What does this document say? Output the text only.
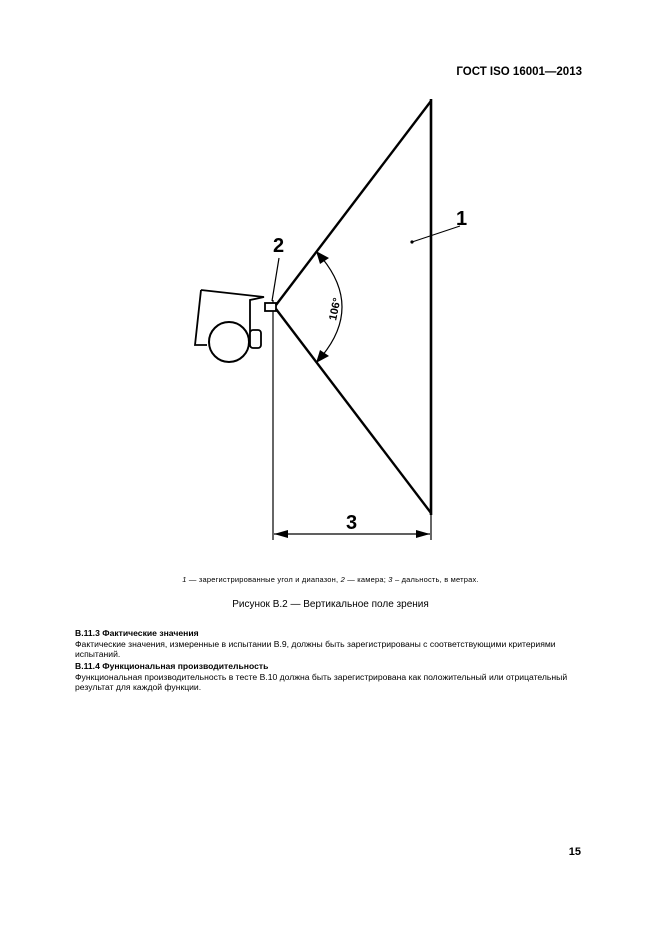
ГОСТ ISO 16001—2013
1
2
3
106°
1 — зарегистрированные угол и диапазон, 2 — камера; 3 – дальность, в метрах.
Рисунок В.2 — Вертикальное поле зрения

В.11.3 Фактические значения

Фактические значения, измеренные в испытании В.9, должны быть зарегистрированы с соответствующими критериями испытаний.

В.11.4 Функциональная производительность

Функциональная производительность в тесте В.10 должна быть зарегистрирована как положительный или отрицательный результат для каждой функции.

15
